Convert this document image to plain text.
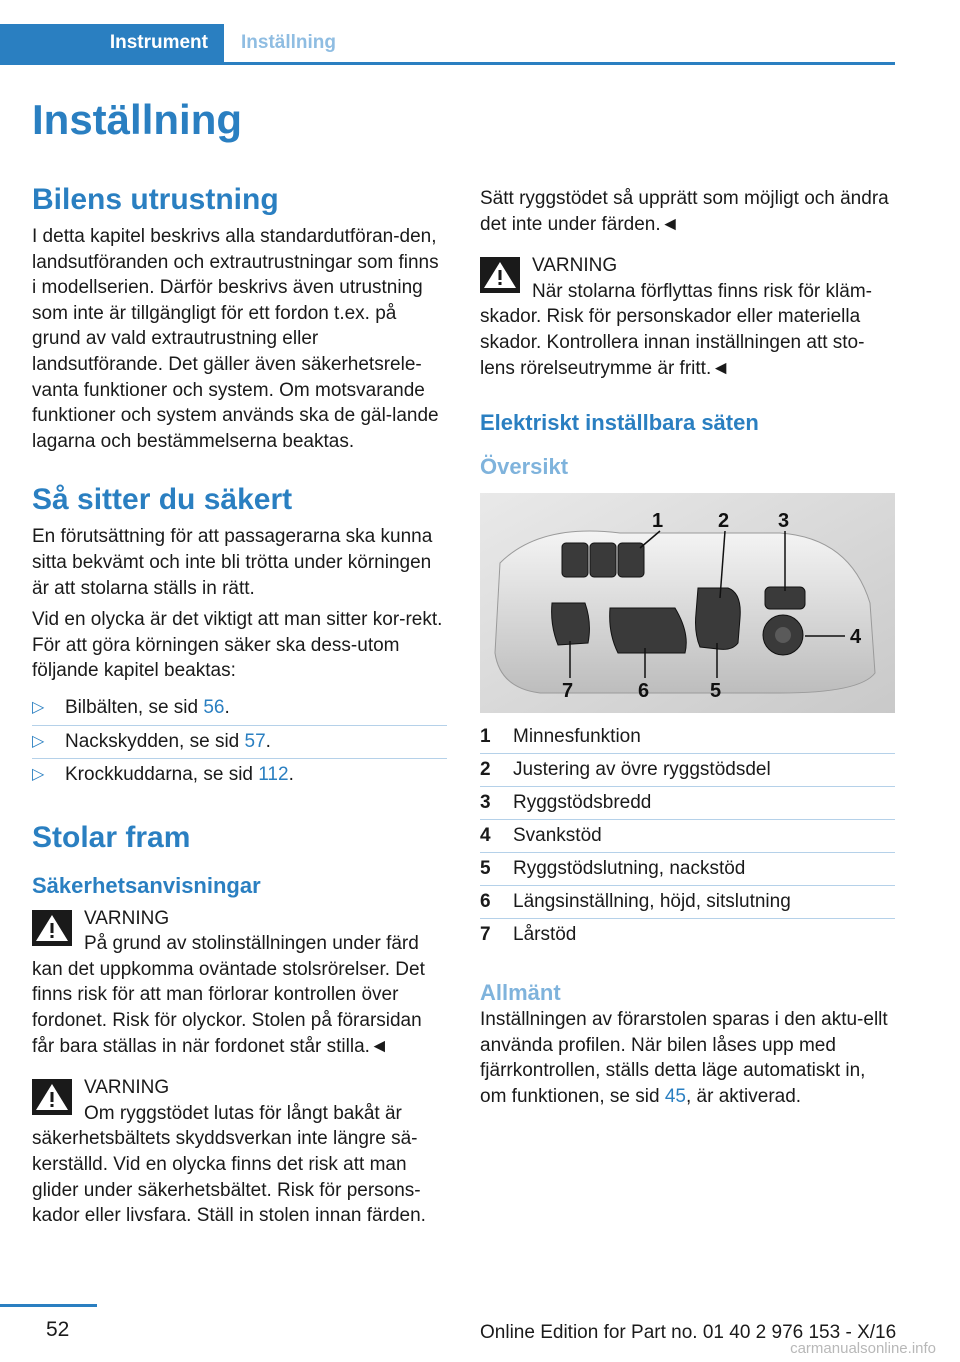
Instrument	Inställning
Inställning
Bilens utrustning

I detta kapitel beskrivs alla standardutföran-den, landsutföranden och extrautrustningar som finns i modellserien. Därför beskrivs även utrustning som inte är tillgängligt för ett fordon t.ex. på grund av vald extrautrustning eller landsutförande. Det gäller även säkerhetsrele-vanta funktioner och system. Om motsvarande funktioner och system används ska de gäl-lande lagarna och bestämmelserna beaktas.

Så sitter du säkert

En förutsättning för att passagerarna ska kunna sitta bekvämt och inte bli trötta under körningen är att stolarna ställs in rätt.

Vid en olycka är det viktigt att man sitter kor-rekt. För att göra körningen säker ska dess-utom följande kapitel beaktas:

▷	Bilbälten, se sid 56.
▷	Nackskydden, se sid 57.
▷	Krockkuddarna, se sid 112.
Stolar fram
Säkerhetsanvisningar

VARNING

På grund av stolinställningen under färd

kan det uppkomma oväntade stolsrörelser. Det finns risk för att man förlorar kontrollen över fordonet. Risk för olyckor. Stolen på förarsidan får bara ställas in när fordonet står stilla.◄

VARNING

Om ryggstödet lutas för långt bakåt är

säkerhetsbältets skyddsverkan inte längre sä-kerställd. Vid en olycka finns det risk att man glider under säkerhetsbältet. Risk för persons-kador eller livsfara. Ställ in stolen innan färden.

Sätt ryggstödet så upprätt som möjligt och ändra det inte under färden.◄

VARNING

När stolarna förflyttas finns risk för kläm-

skador. Risk för personskador eller materiella skador. Kontrollera innan inställningen att sto-lens rörelseutrymme är fritt.◄

Elektriskt inställbara säten
Översikt
1	2 3
4
5
6
7
1	Minnesfunktion
2	Justering av övre ryggstödsdel
3	Ryggstödsbredd
4	Svankstöd
5	Ryggstödslutning, nackstöd
6	Längsinställning, höjd, sitslutning
7	Lårstöd
Allmänt

Inställningen av förarstolen sparas i den aktu-ellt använda profilen. När bilen låses upp med fjärrkontrollen, ställs detta läge automatiskt in, om funktionen, se sid 45, är aktiverad.

52	Online Edition for Part no. 01 40 2 976 153 - X/16
carmanualsonline.info
